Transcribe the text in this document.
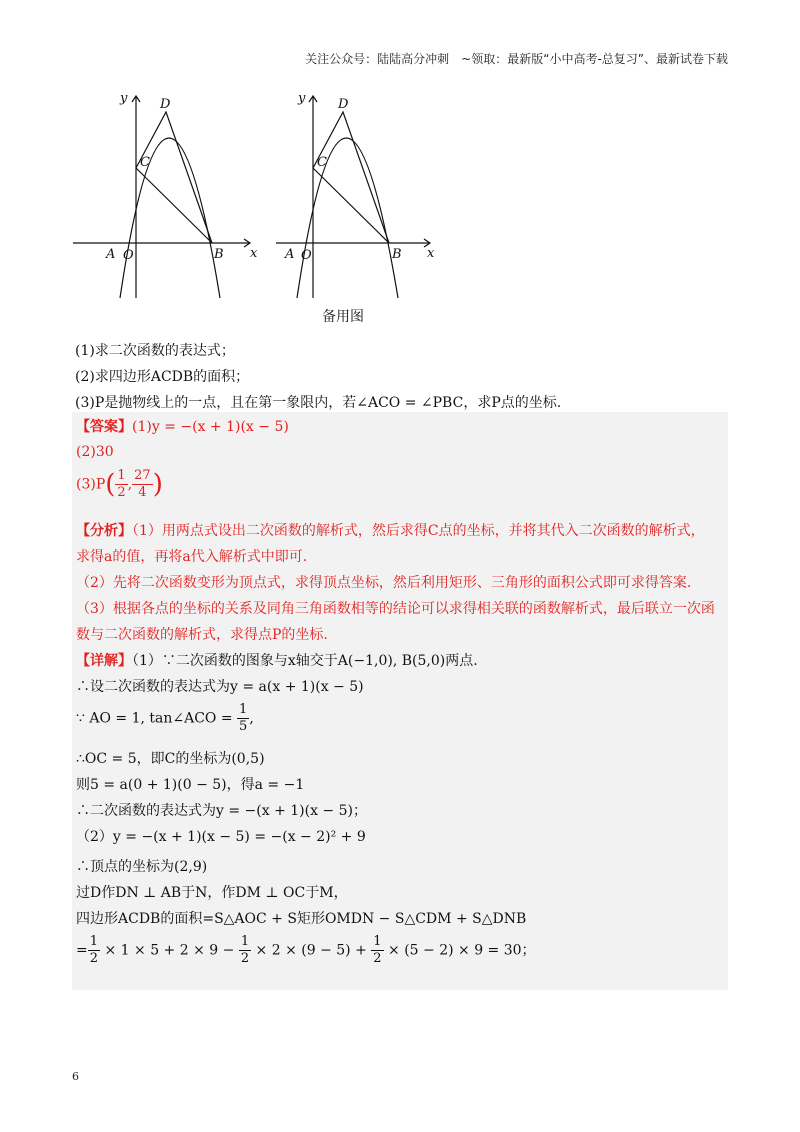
关注公众号：陆陆高分冲刺　~领取：最新版“小中高考-总复习”、最新试卷下载
y	D
C
A O	B x
y	D
C
A O	B x
备用图
(1)求二次函数的表达式；
(2)求四边形ACDB的面积；
(3)P是抛物线上的一点，且在第一象限内，若∠ACO = ∠PBC，求P点的坐标.
【答案】(1)y = −(x + 1)(x − 5)
(2)30
$(3)P( \frac{1}{2}$ , $\frac{27}{4}$ )
【分析】（1）用两点式设出二次函数的解析式，然后求得C点的坐标，并将其代入二次函数的解析式，
求得a的值，再将a代入解析式中即可.
（2）先将二次函数变形为顶点式，求得顶点坐标，然后利用矩形、三角形的面积公式即可求得答案.
（3）根据各点的坐标的关系及同角三角函数相等的结论可以求得相关联的函数解析式，最后联立一次函
数与二次函数的解析式，求得点P的坐标.
【详解】（1）∵二次函数的图象与x轴交于A(−1,0), B(5,0)两点.
∴设二次函数的表达式为y = a(x + 1)(x − 5)
∵ AO = 1, tan∠ACO = $\frac{1}{5}$ ,
∴OC = 5，即C的坐标为(0,5)
则5 = a(0 + 1)(0 − 5)，得a = −1
∴二次函数的表达式为y = −(x + 1)(x − 5)；
（2）y = −(x + 1)(x − 5) = −(x − 2)² + 9
∴顶点的坐标为(2,9)
过D作DN ⊥ AB于N，作DM ⊥ OC于M，
四边形ACDB的面积=S△AOC + S矩形OMDN − S△CDM + S△DNB
= $\frac{1}{2} \times 1 \times 5 + 2 \times 9 - \frac{1}{2} \times 2 \times (9 - 5) + \frac{1}{2} \times (5 - 2) \times 9 = 30$；
6
